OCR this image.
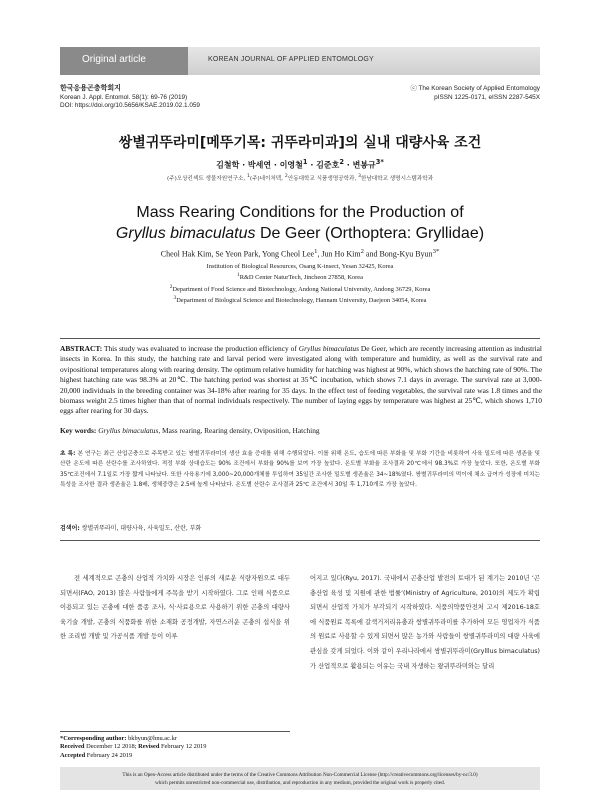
Original article	KOREAN JOURNAL OF APPLIED ENTOMOLOGY
한국응용곤충학회지
Korean J. Appl. Entomol. 58(1): 69-76 (2019)
DOI: https://doi.org/10.5656/KSAE.2019.02.1.059
ⓒ The Korean Society of Applied Entomology
pISSN 1225-0171, eISSN 2287-545X
쌍별귀뚜라미[메뚜기목: 귀뚜라미과]의 실내 대량사육 조건
김철학 · 박세연 · 이영철$^1$ · 김준호$^2$ · 변봉규$^{3*}$
(주)오상킨섹트 생물자원연구소, $^1$(주)네이처텍, $^2$안동대학교 식품생명공학과, $^3$한남대학교 생명시스템과학과
Mass Rearing Conditions for the Production of
Gryllus bimaculatus De Geer (Orthoptera: Gryllidae)
Cheol Hak Kim, Se Yeon Park, Yong Cheol Lee$^1$, Jun Ho Kim$^2$ and Bong-Kyu Byun$^{3*}$
Institution of Biological Resources, Osang K-insect, Yesan 32425, Korea
$^1$R&D Center NaturTech, Jincheon 27858, Korea
$^2$Department of Food Science and Biotechnology, Andong National University, Andong 36729, Korea
$^3$Department of Biological Science and Biotechnology, Hannam University, Daejeon 34054, Korea
ABSTRACT: This study was evaluated to increase the production efficiency of Gryllus bimaculatus De Geer, which are recently increasing attention as industrial insects in Korea. In this study, the hatching rate and larval period were investigated along with temperature and humidity, as well as the survival rate and ovipositional temperatures along with rearing density. The optimum relative humidity for hatching was highest at 90%, which shows the hatching rate of 90%. The highest hatching rate was 98.3% at 20℃. The hatching period was shortest at 35℃ incubation, which shows 7.1 days in average. The survival rate at 3,000-20,000 individuals in the breeding container was 34-18% after rearing for 35 days. In the effect test of feeding vegetables, the survival rate was 1.8 times and the biomass weight 2.5 times higher than that of normal individuals respectively. The number of laying eggs by temperature was highest at 25℃, which shows 1,710 eggs after rearing for 30 days.
Key words: Gryllus bimaculatus, Mass rearing, Rearing density, Oviposition, Hatching
초 록: 본 연구는 최근 산업곤충으로 주목받고 있는 쌍별귀뚜라미의 생산 효율 증대를 위해 수행되었다. 이를 위해 온도, 습도에 따른 부화율 및 부화 기간을 비롯하여 사육 밀도에 따른 생존율 및 산란 온도에 따른 산란수를 조사하였다. 적정 부화 상대습도는 90% 조건에서 부화율 90%를 보여 가장 높았다. 온도별 부화율 조사결과 20℃에서 98.3%로 가장 높았다. 또한, 온도별 부화 35℃조건에서 7.1일로 가장 짧게 나타났다. 또한 사육용기에 3,000~20,000개체를 투입하여 35일간 조사한 밀도별 생존율은 34~18%였다. 쌍별귀뚜라미의 먹이에 채소 급여가 성장에 미치는 특성을 조사한 결과 생존율은 1.8배, 생체중량은 2.5배 높게 나타났다. 온도별 산란수 조사결과 25℃ 조건에서 30일 후 1,710개로 가장 높았다.
검색어: 쌍별귀뚜라미, 대량사육, 사육밀도, 산란, 부화
전 세계적으로 곤충의 산업적 가치와 시장은 인류의 새로운 식량자원으로 대두되면서(FAO, 2013) 많은 사람들에게 주목을 받기 시작하였다. 그로 인해 식품으로 이용되고 있는 곤충에 대한 품종 조사, 식·사료용으로 사용하기 위한 곤충의 대량사육기술 개발, 곤충의 식품화를 위한 소재화 공정개발, 자연스러운 곤충의 섭식을 위한 조리법 개발 및 가공식품 개발 등이 이루
어지고 있다(Ryu, 2017). 국내에서 곤충산업 발전의 토대가 된 계기는 2010년 ‘곤충산업 육성 및 지원에 관한 법률’(Ministry of Agriculture, 2010)의 제도가 확립되면서 산업적 가치가 부각되기 시작하였다. 식품의약품안전처 고시 제2016-18호에 식품원료 목록에 갈색거저리유충과 쌍별귀뚜라미를 추가하여 모든 영업자가 식품의 원료로 사용할 수 있게 되면서 많은 농가와 사람들이 쌍별귀뚜라미의 대량 사육에 관심을 갖게 되었다. 이와 같이 우리나라에서 쌍별귀뚜라미(Grylllus bimaculatus)가 산업적으로 활용되는 이유는 국내 자생하는 왕귀뚜라미와는 달리
*Corresponding author: bkbyun@hnu.ac.kr
Received December 12 2018; Revised February 12 2019
Accepted February 24 2019
This is an Open-Access article distributed under the terms of the Creative Commons Attribution Non-Commercial License (http://creativecommons.org/licenses/by-nc/3.0)
which permits unrestricted non-commercial use, distribution, and reproduction in any medium, provided the original work is properly cited.
